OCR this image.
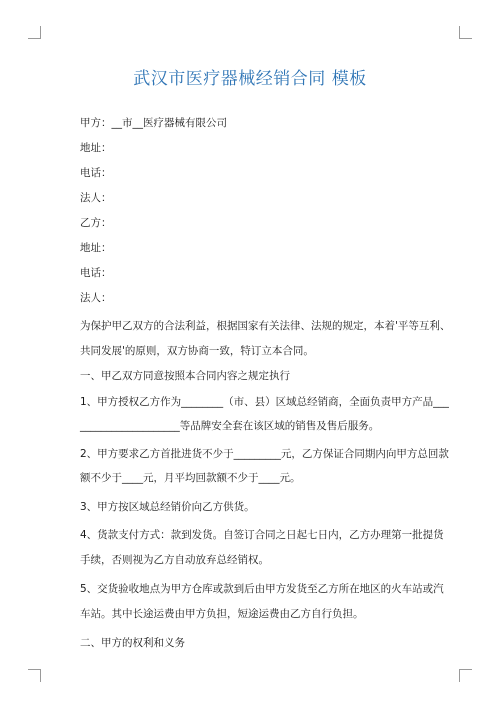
武汉市医疗器械经销合同 模板
甲方：__市__医疗器械有限公司
地址：
电话：
法人：
乙方：
地址：
电话：
法人：
为保护甲乙双方的合法利益，根据国家有关法律、法规的规定，本着'平等互利、
共同发展'的原则，双方协商一致，特订立本合同。
一、甲乙双方同意按照本合同内容之规定执行
1、甲方授权乙方作为________（市、县）区域总经销商，全面负责甲方产品___
___________________等品牌安全套在该区域的销售及售后服务。
2、甲方要求乙方首批进货不少于_________元，乙方保证合同期内向甲方总回款
额不少于____元，月平均回款额不少于____元。
3、甲方按区域总经销价向乙方供货。
4、货款支付方式：款到发货。自签订合同之日起七日内，乙方办理第一批提货
手续，否则视为乙方自动放弃总经销权。
5、交货验收地点为甲方仓库或款到后由甲方发货至乙方所在地区的火车站或汽
车站。其中长途运费由甲方负担，短途运费由乙方自行负担。
二、甲方的权利和义务
